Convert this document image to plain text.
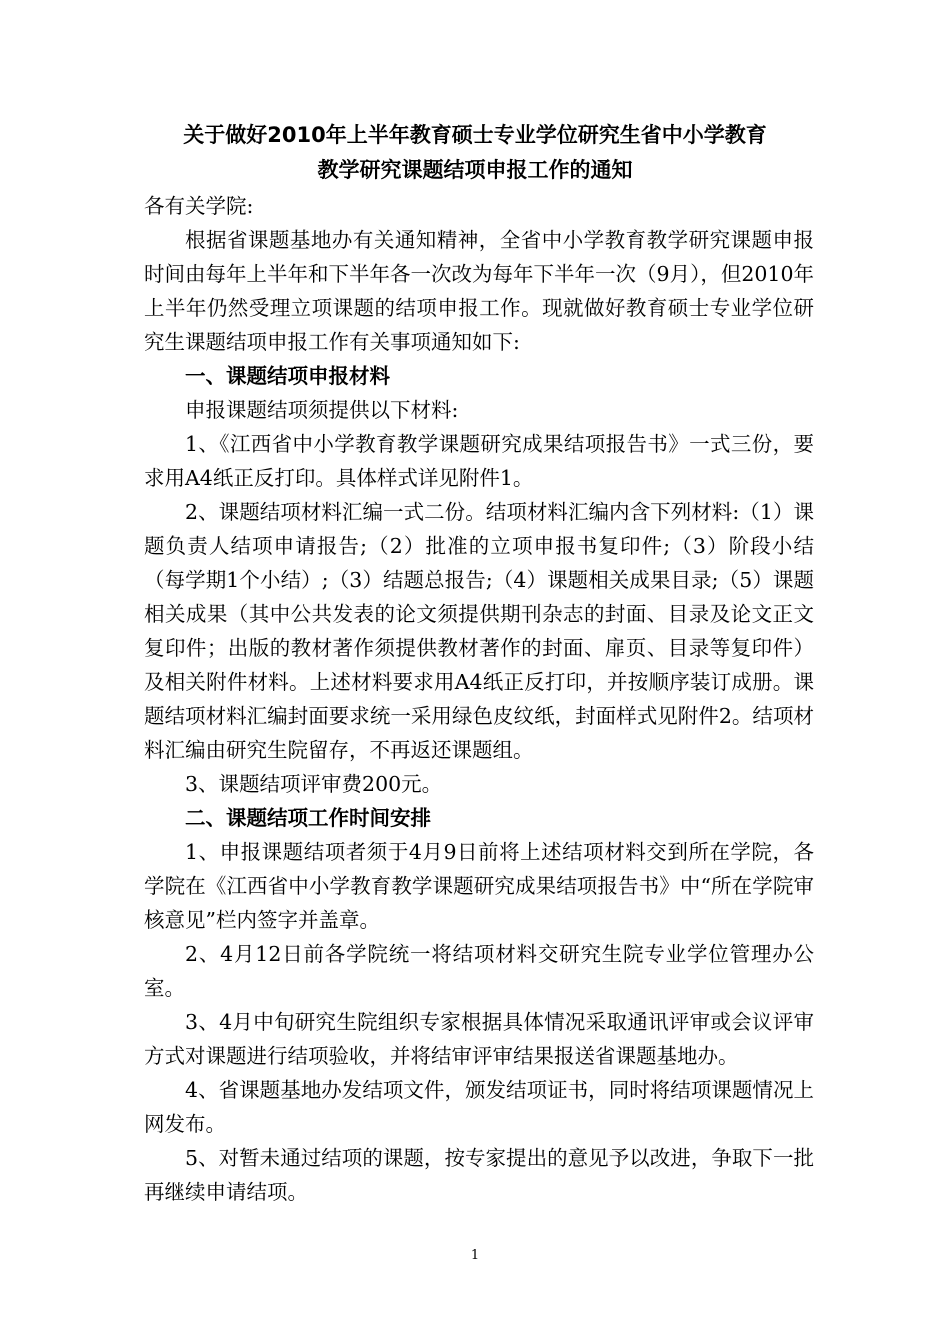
关于做好2010年上半年教育硕士专业学位研究生省中小学教育
教学研究课题结项申报工作的通知

各有关学院:

根据省课题基地办有关通知精神，全省中小学教育教学研究课题申报时间由每年上半年和下半年各一次改为每年下半年一次（9月），但2010年上半年仍然受理立项课题的结项申报工作。现就做好教育硕士专业学位研究生课题结项申报工作有关事项通知如下:

一、课题结项申报材料

申报课题结项须提供以下材料:

1、《江西省中小学教育教学课题研究成果结项报告书》一式三份，要求用A4纸正反打印。具体样式详见附件1。

2、课题结项材料汇编一式二份。结项材料汇编内含下列材料:（1）课题负责人结项申请报告;（2）批准的立项申报书复印件;（3）阶段小结（每学期1个小结）;（3）结题总报告;（4）课题相关成果目录;（5）课题相关成果（其中公共发表的论文须提供期刊杂志的封面、目录及论文正文复印件；出版的教材著作须提供教材著作的封面、扉页、目录等复印件）及相关附件材料。上述材料要求用A4纸正反打印，并按顺序装订成册。课题结项材料汇编封面要求统一采用绿色皮纹纸，封面样式见附件2。结项材料汇编由研究生院留存，不再返还课题组。

3、课题结项评审费200元。

二、课题结项工作时间安排

1、申报课题结项者须于4月9日前将上述结项材料交到所在学院，各学院在《江西省中小学教育教学课题研究成果结项报告书》中“所在学院审核意见”栏内签字并盖章。

2、4月12日前各学院统一将结项材料交研究生院专业学位管理办公室。

3、4月中旬研究生院组织专家根据具体情况采取通讯评审或会议评审方式对课题进行结项验收，并将结审评审结果报送省课题基地办。

4、省课题基地办发结项文件，颁发结项证书，同时将结项课题情况上网发布。

5、对暂未通过结项的课题，按专家提出的意见予以改进，争取下一批再继续申请结项。

1
